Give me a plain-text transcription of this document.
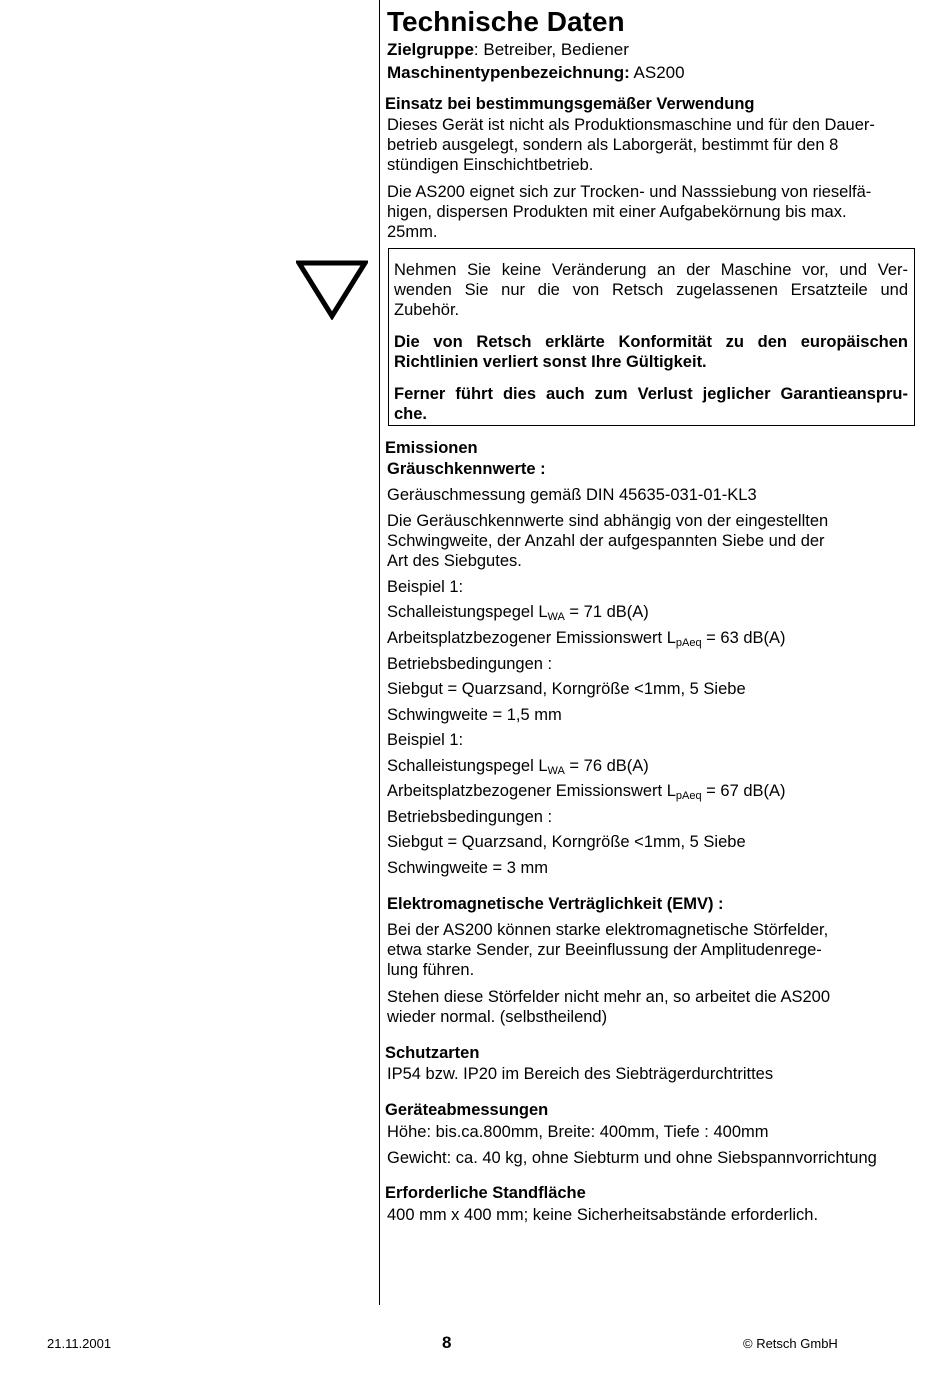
Technische Daten
Zielgruppe: Betreiber, Bediener
Maschinentypenbezeichnung: AS200
Einsatz bei bestimmungsgemäßer Verwendung
Dieses Gerät ist nicht als Produktionsmaschine und für den Dauer-
betrieb ausgelegt, sondern als Laborgerät, bestimmt für den 8
stündigen Einschichtbetrieb.
Die AS200 eignet sich zur Trocken- und Nasssiebung von rieselfä-
higen, dispersen Produkten mit einer Aufgabekörnung bis max.
25mm.
Nehmen Sie keine Veränderung an der Maschine vor, und Ver-
wenden Sie nur die von Retsch zugelassenen Ersatzteile und
Zubehör.
Die von Retsch erklärte Konformität zu den europäischen
Richtlinien verliert sonst Ihre Gültigkeit.
Ferner führt dies auch zum Verlust jeglicher Garantieanspru-
che.
Emissionen
Gräuschkennwerte :
Geräuschmessung gemäß DIN 45635-031-01-KL3
Die Geräuschkennwerte sind abhängig von der eingestellten
Schwingweite, der Anzahl der aufgespannten Siebe und der
Art des Siebgutes.
Beispiel 1:
Schalleistungspegel $L_{WA} = 71$ dB(A)
Arbeitsplatzbezogener Emissionswert $L_{pAeq} = 63$ dB(A)
Betriebsbedingungen :
Siebgut = Quarzsand, Korngröße <1mm, 5 Siebe
Schwingweite = 1,5 mm
Beispiel 1:
Schalleistungspegel $L_{WA} = 76$ dB(A)
Arbeitsplatzbezogener Emissionswert $L_{pAeq} = 67$ dB(A)
Betriebsbedingungen :
Siebgut = Quarzsand, Korngröße <1mm, 5 Siebe
Schwingweite = 3 mm
Elektromagnetische Verträglichkeit (EMV) :
Bei der AS200 können starke elektromagnetische Störfelder,
etwa starke Sender, zur Beeinflussung der Amplitudenrege-
lung führen.
Stehen diese Störfelder nicht mehr an, so arbeitet die AS200
wieder normal. (selbstheilend)
Schutzarten
IP54 bzw. IP20 im Bereich des Siebträgerdurchtrittes
Geräteabmessungen
Höhe: bis.ca.800mm, Breite: 400mm, Tiefe : 400mm
Gewicht: ca. 40 kg, ohne Siebturm und ohne Siebspannvorrichtung
Erforderliche Standfläche
400 mm x 400 mm; keine Sicherheitsabstände erforderlich.
21.11.2001	8	© Retsch GmbH
